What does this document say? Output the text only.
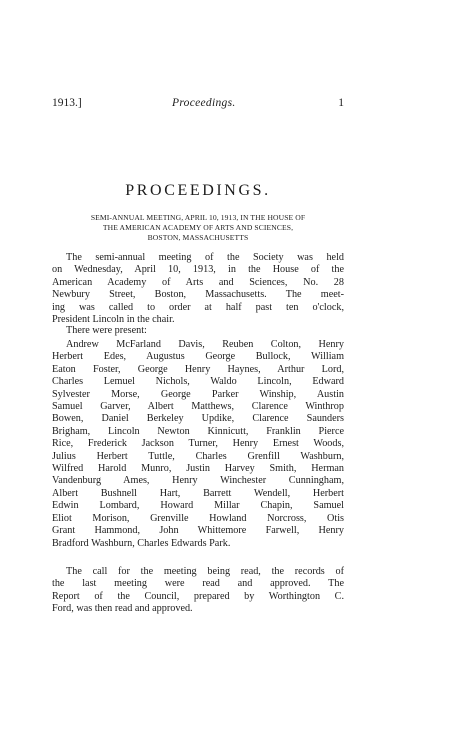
1913.]	Proceedings.	1
PROCEEDINGS.
SEMI-ANNUAL MEETING, APRIL 10, 1913, IN THE HOUSE OF
THE AMERICAN ACADEMY OF ARTS AND SCIENCES,
BOSTON, MASSACHUSETTS
The semi-annual meeting of the Society was held
on Wednesday, April 10, 1913, in the House of the
American Academy of Arts and Sciences, No. 28
Newbury Street, Boston, Massachusetts. The meet-
ing was called to order at half past ten o'clock,
President Lincoln in the chair.
There were present:
Andrew McFarland Davis, Reuben Colton, Henry
Herbert Edes, Augustus George Bullock, William
Eaton Foster, George Henry Haynes, Arthur Lord,
Charles Lemuel Nichols, Waldo Lincoln, Edward
Sylvester Morse, George Parker Winship, Austin
Samuel Garver, Albert Matthews, Clarence Winthrop
Bowen, Daniel Berkeley Updike, Clarence Saunders
Brigham, Lincoln Newton Kinnicutt, Franklin Pierce
Rice, Frederick Jackson Turner, Henry Ernest Woods,
Julius Herbert Tuttle, Charles Grenfill Washburn,
Wilfred Harold Munro, Justin Harvey Smith, Herman
Vandenburg Ames, Henry Winchester Cunningham,
Albert Bushnell Hart, Barrett Wendell, Herbert
Edwin Lombard, Howard Millar Chapin, Samuel
Eliot Morison, Grenville Howland Norcross, Otis
Grant Hammond, John Whittemore Farwell, Henry
Bradford Washburn, Charles Edwards Park.
The call for the meeting being read, the records of
the last meeting were read and approved. The
Report of the Council, prepared by Worthington C.
Ford, was then read and approved.
